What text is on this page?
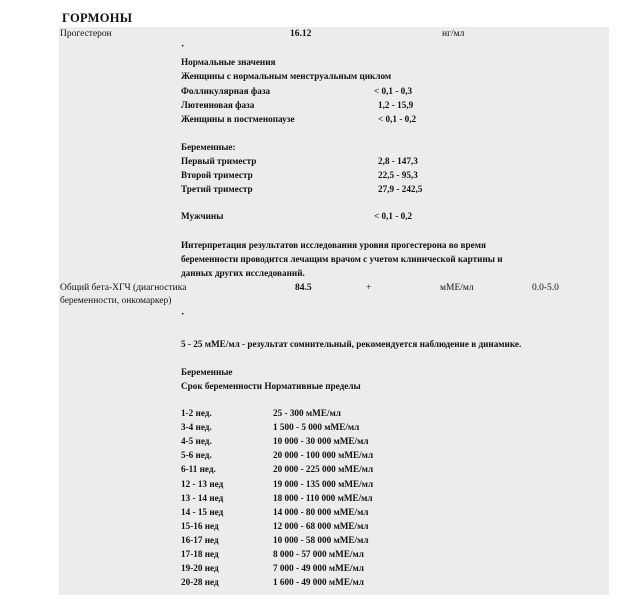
ГОРМОНЫ
Прогестерон	16.12	нг/мл
·
Нормальные значения
Женщины с нормальным менструальным циклом
Фолликулярная фаза	< 0,1 - 0,3
Лютеиновая фаза	1,2 - 15,9
Женщины в постменопаузе	< 0,1 - 0,2
Беременные:
Первый триместр	2,8 - 147,3
Второй триместр	22,5 - 95,3
Третий триместр	27,9 - 242,5
Мужчины	< 0,1 - 0,2
Интерпретация результатов исследования уровня прогестерона во время
беременности проводится лечащим врачом с учетом клинической картины и
данных других исследований.
Общий бета-ХГЧ (диагностика
беременности, онкомаркер)
84.5	+	мМЕ/мл	0.0-5.0
·
5 - 25 мМЕ/мл - результат сомнительный, рекомендуется наблюдение в динамике.
Беременные
Срок беременности Нормативные пределы
1-2 нед.	25 - 300 мМЕ/мл
3-4 нед.	1 500 - 5 000 мМЕ/мл
4-5 нед.	10 000 - 30 000 мМЕ/мл
5-6 нед.	20 000 - 100 000 мМЕ/мл
6-11 нед.	20 000 - 225 000 мМЕ/мл
12 - 13 нед	19 000 - 135 000 мМЕ/мл
13 - 14 нед	18 000 - 110 000 мМЕ/мл
14 - 15 нед	14 000 - 80 000 мМЕ/мл
15-16 нед	12 000 - 68 000 мМЕ/мл
16-17 нед	10 000 - 58 000 мМЕ/мл
17-18 нед	8 000 - 57 000 мМЕ/мл
19-20 нед	7 000 - 49 000 мМЕ/мл
20-28 нед	1 600 - 49 000 мМЕ/мл
